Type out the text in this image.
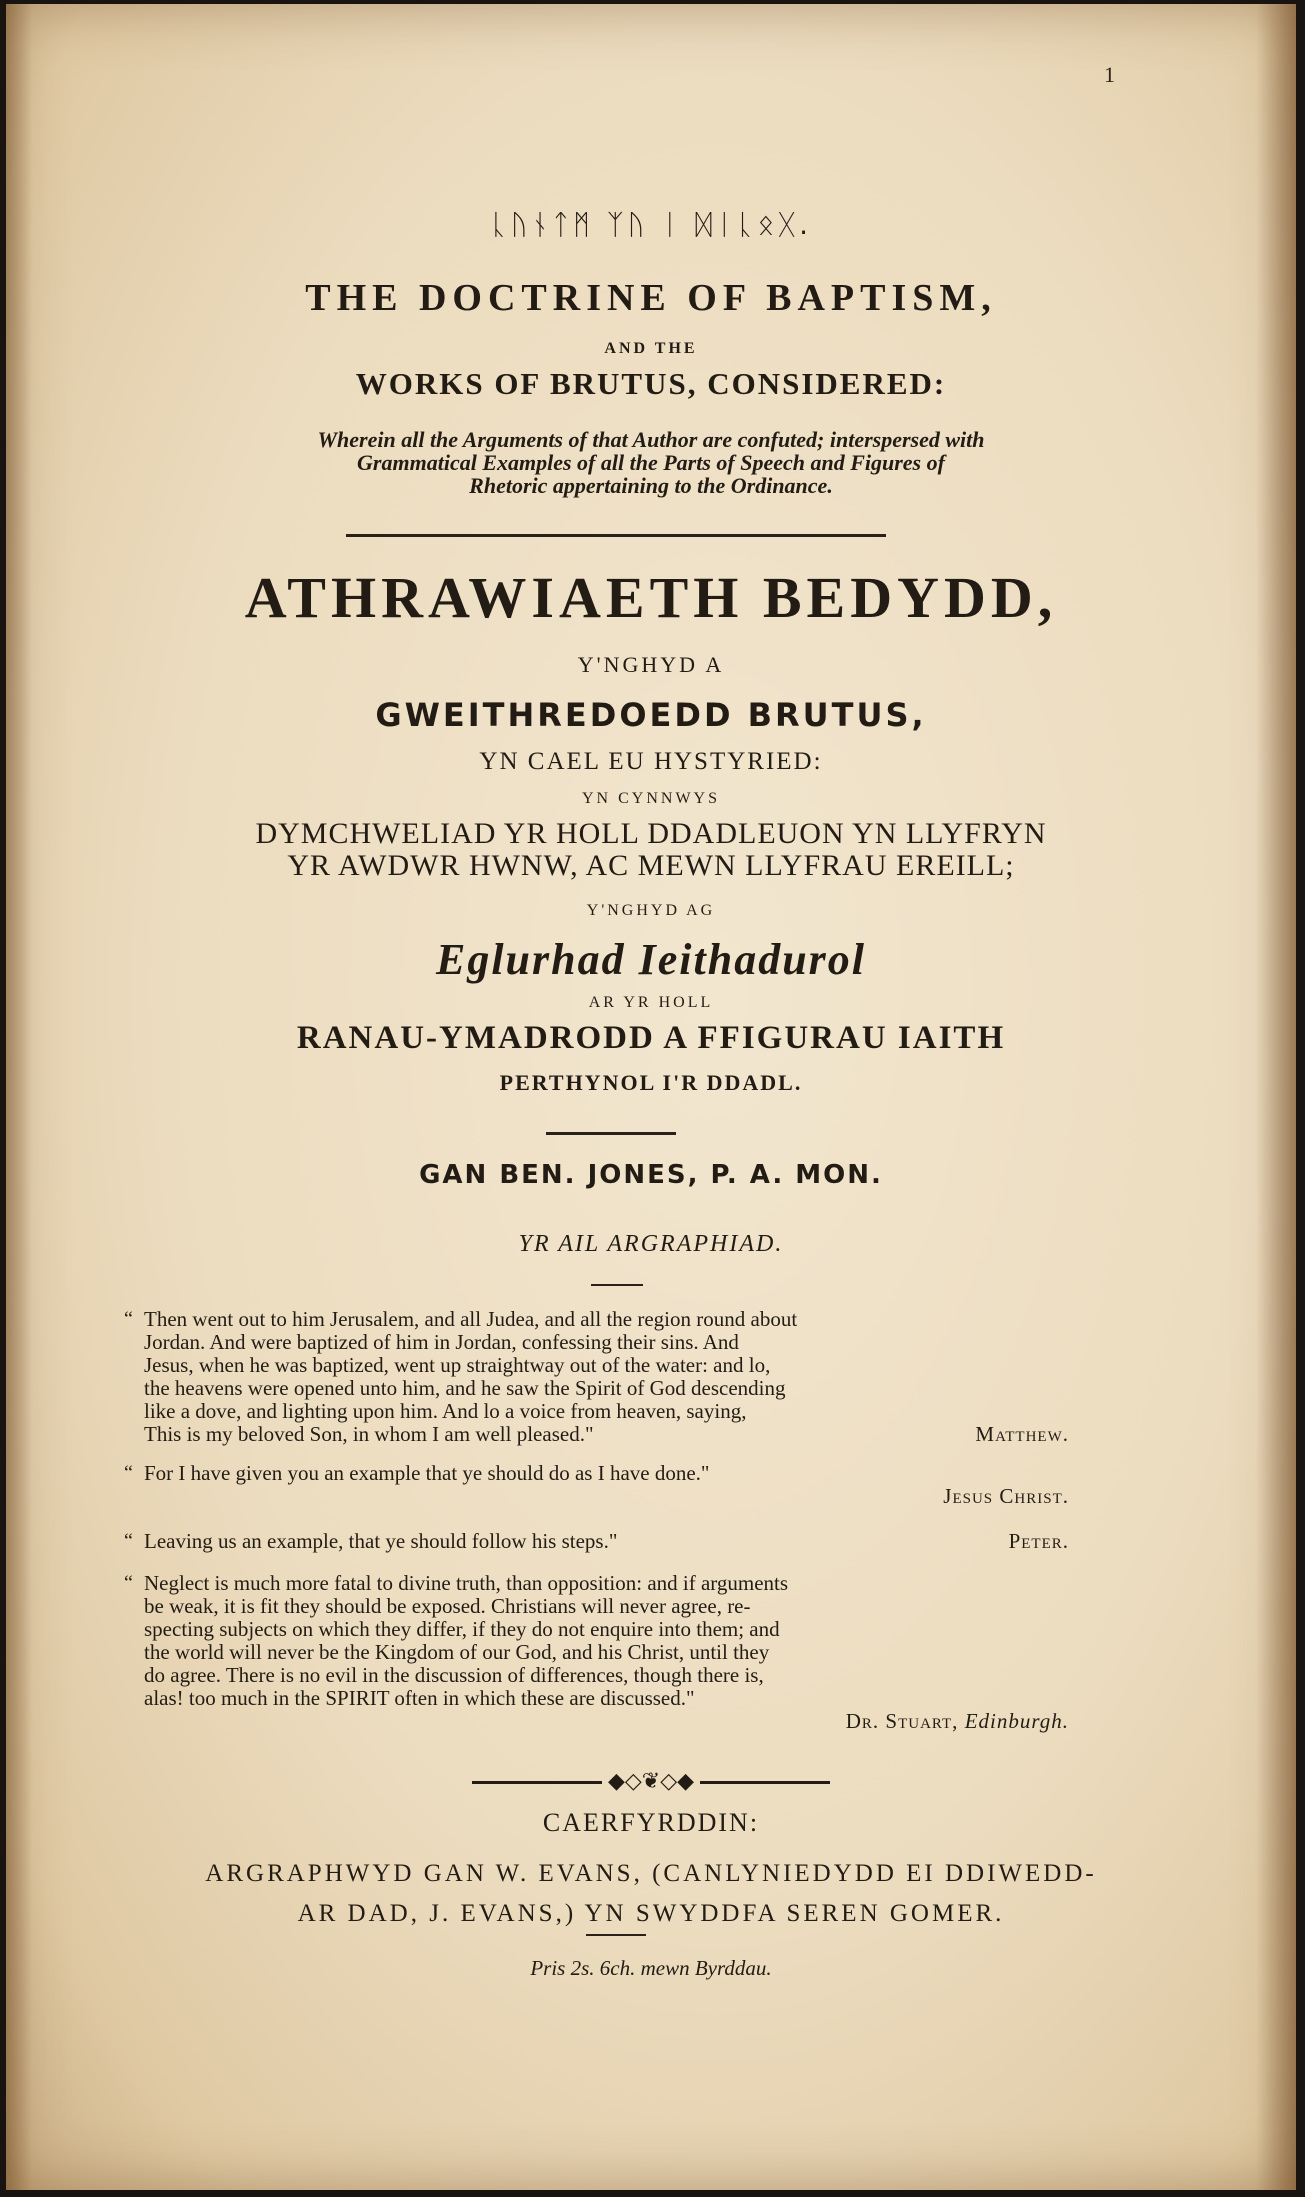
1
ᚳᚢᚾᛏᛗ ᛉᚢ ᛁ ᛞᛁᚳᛟᚷ.
THE DOCTRINE OF BAPTISM,
AND THE
WORKS OF BRUTUS, CONSIDERED:
Wherein all the Arguments of that Author are confuted; interspersed with
Grammatical Examples of all the Parts of Speech and Figures of
Rhetoric appertaining to the Ordinance.
ATHRAWIAETH BEDYDD,
Y'NGHYD A
GWEITHREDOEDD BRUTUS,
YN CAEL EU HYSTYRIED:
YN CYNNWYS
DYMCHWELIAD YR HOLL DDADLEUON YN LLYFRYN
YR AWDWR HWNW, AC MEWN LLYFRAU EREILL;
Y'NGHYD AG
Eglurhad Ieithadurol
AR YR HOLL
RANAU-YMADRODD A FFIGURAU IAITH
PERTHYNOL I'R DDADL.
GAN BEN. JONES, P. A. MON.
YR AIL ARGRAPHIAD.
“ Then went out to him Jerusalem, and all Judea, and all the region round about
Jordan. And were baptized of him in Jordan, confessing their sins. And
Jesus, when he was baptized, went up straightway out of the water: and lo,
the heavens were opened unto him, and he saw the Spirit of God descending
like a dove, and lighting upon him. And lo a voice from heaven, saying,
This is my beloved Son, in whom I am well pleased."	Matthew.
“ For I have given you an example that ye should do as I have done."
Jesus Christ.
“ Leaving us an example, that ye should follow his steps."	Peter.
“ Neglect is much more fatal to divine truth, than opposition: and if arguments
be weak, it is fit they should be exposed. Christians will never agree, re-
specting subjects on which they differ, if they do not enquire into them; and
the world will never be the Kingdom of our God, and his Christ, until they
do agree. There is no evil in the discussion of differences, though there is,
alas! too much in the SPIRIT often in which these are discussed."
Dr. Stuart, Edinburgh.
◆◇❦◇◆
CAERFYRDDIN:
ARGRAPHWYD GAN W. EVANS, (CANLYNIEDYDD EI DDIWEDD-
AR DAD, J. EVANS,) YN SWYDDFA SEREN GOMER.
Pris 2s. 6ch. mewn Byrddau.
